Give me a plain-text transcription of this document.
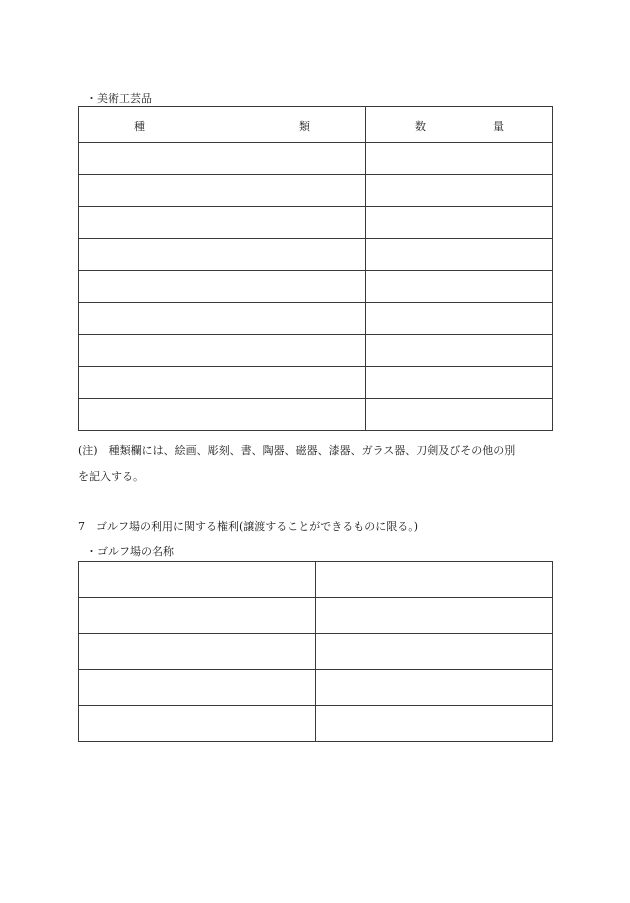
・美術工芸品
種 類	数 量

(注)　種類欄には、絵画、彫刻、書、陶器、磁器、漆器、ガラス器、刀剣及びその他の別
を記入する。
7　ゴルフ場の利用に関する権利(譲渡することができるものに限る。)
・ゴルフ場の名称
